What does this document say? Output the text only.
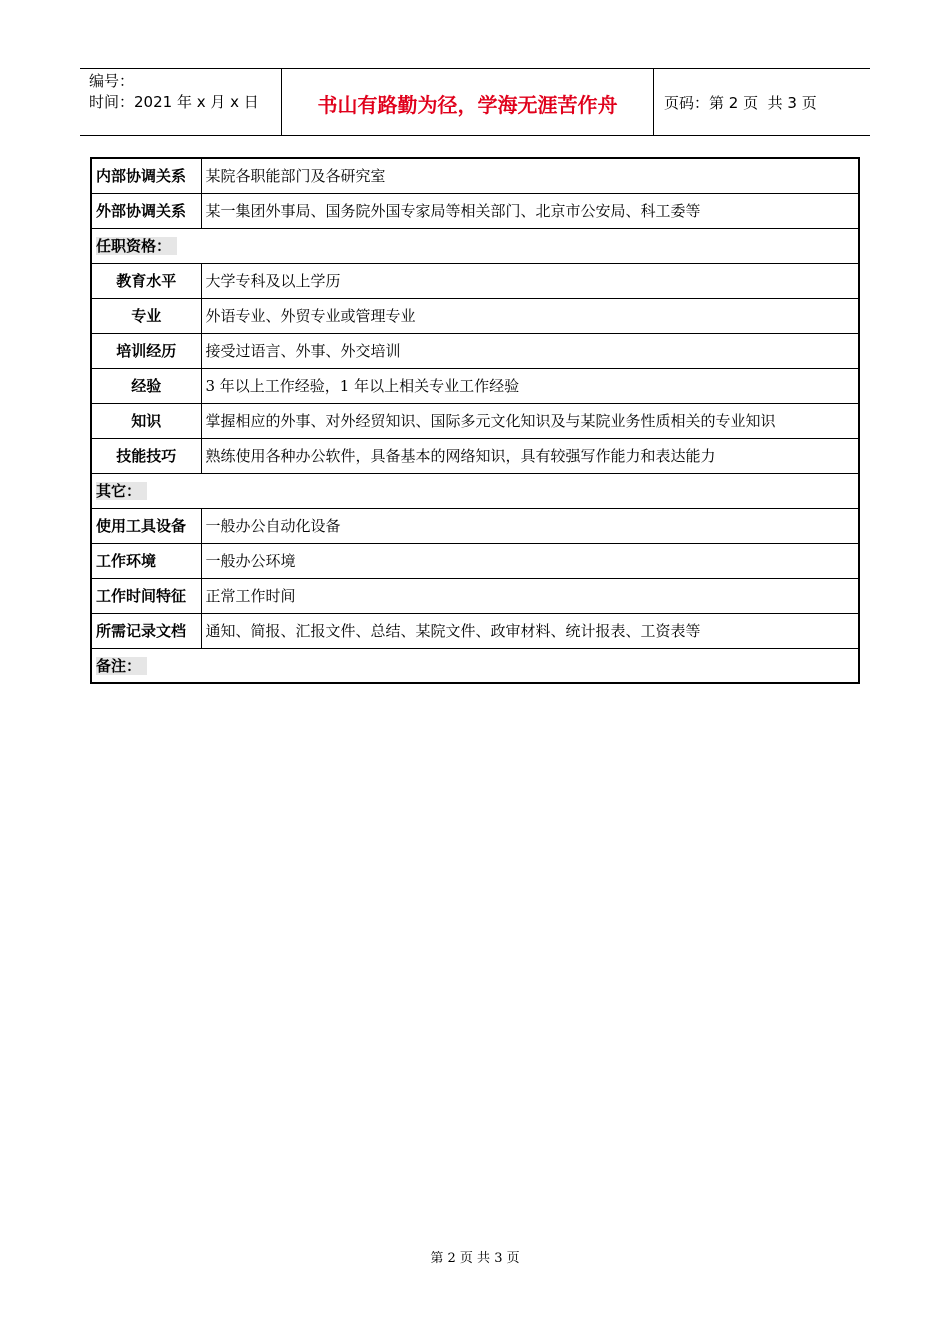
编号：
时间：2021 年 x 月 x 日	书山有路勤为径，学海无涯苦作舟	页码：第 2 页  共 3 页
内部协调关系	某院各职能部门及各研究室
外部协调关系	某一集团外事局、国务院外国专家局等相关部门、北京市公安局、科工委等
任职资格：	
教育水平	大学专科及以上学历
专业	外语专业、外贸专业或管理专业
培训经历	接受过语言、外事、外交培训
经验	3 年以上工作经验，1 年以上相关专业工作经验
知识	掌握相应的外事、对外经贸知识、国际多元文化知识及与某院业务性质相关的专业知识
技能技巧	熟练使用各种办公软件，具备基本的网络知识，具有较强写作能力和表达能力
其它：	
使用工具设备	一般办公自动化设备
工作环境	一般办公环境
工作时间特征	正常工作时间
所需记录文档	通知、简报、汇报文件、总结、某院文件、政审材料、统计报表、工资表等
备注：	
第 2 页 共 3 页
